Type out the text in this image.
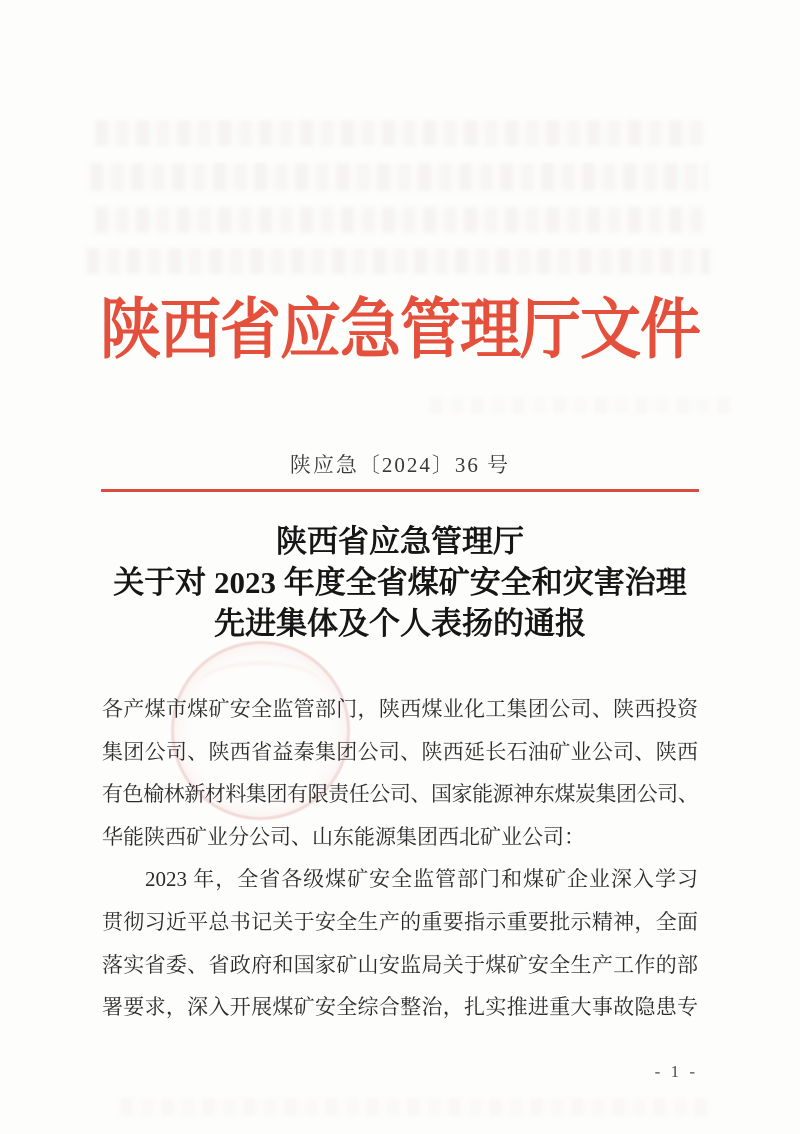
陕西省应急管理厅文件
陕应急〔2024〕36 号
陕西省应急管理厅
关于对 2023 年度全省煤矿安全和灾害治理
先进集体及个人表扬的通报
各产煤市煤矿安全监管部门，陕西煤业化工集团公司、陕西投资
集团公司、陕西省益秦集团公司、陕西延长石油矿业公司、陕西
有色榆林新材料集团有限责任公司、国家能源神东煤炭集团公司、
华能陕西矿业分公司、山东能源集团西北矿业公司：
2023 年，全省各级煤矿安全监管部门和煤矿企业深入学习
贯彻习近平总书记关于安全生产的重要指示重要批示精神，全面
落实省委、省政府和国家矿山安监局关于煤矿安全生产工作的部
署要求，深入开展煤矿安全综合整治，扎实推进重大事故隐患专
- 1 -
